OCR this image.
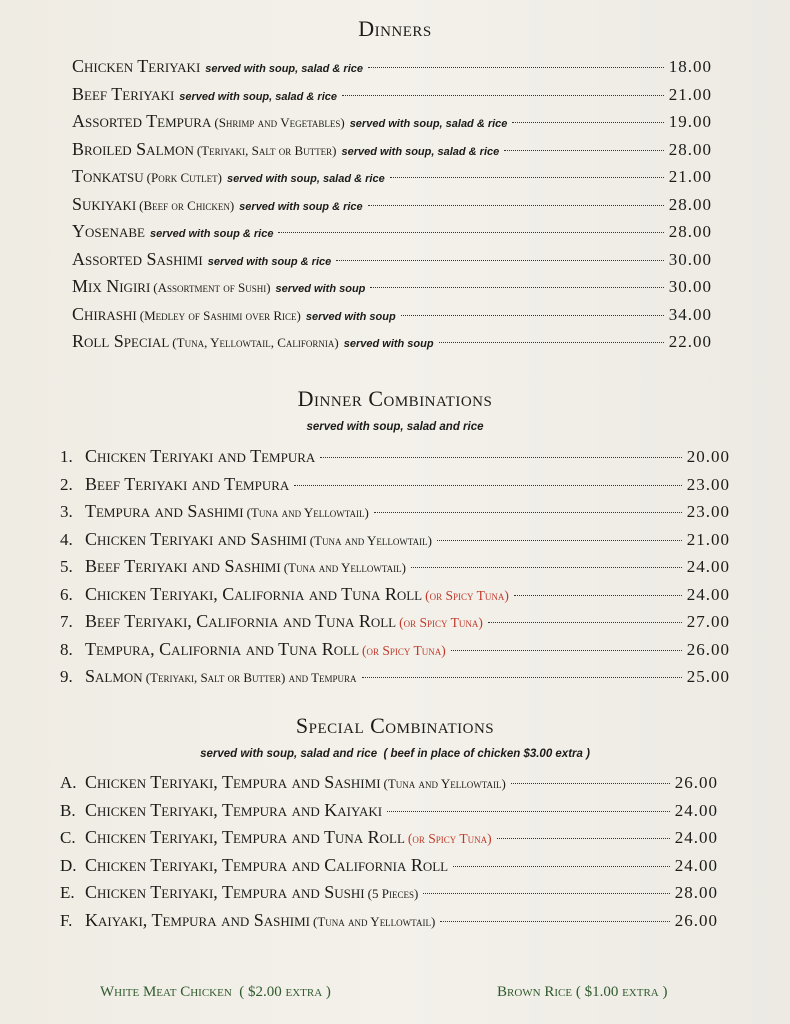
Dinners
Chicken Teriyaki served with soup, salad & rice	18.00
Beef Teriyaki served with soup, salad & rice	21.00
Assorted Tempura (Shrimp and Vegetables) served with soup, salad & rice	19.00
Broiled Salmon (Teriyaki, Salt or Butter) served with soup, salad & rice	28.00
Tonkatsu (Pork Cutlet) served with soup, salad & rice	21.00
Sukiyaki (Beef or Chicken) served with soup & rice	28.00
Yosenabe served with soup & rice	28.00
Assorted Sashimi served with soup & rice	30.00
Mix Nigiri (Assortment of Sushi) served with soup	30.00
Chirashi (Medley of Sashimi over Rice) served with soup	34.00
Roll Special (Tuna, Yellowtail, California) served with soup	22.00
Dinner Combinations
served with soup, salad and rice
1. Chicken Teriyaki and Tempura	20.00
2. Beef Teriyaki and Tempura	23.00
3. Tempura and Sashimi (Tuna and Yellowtail)	23.00
4. Chicken Teriyaki and Sashimi (Tuna and Yellowtail)	21.00
5. Beef Teriyaki and Sashimi (Tuna and Yellowtail)	24.00
6. Chicken Teriyaki, California and Tuna Roll (or Spicy Tuna)	24.00
7. Beef Teriyaki, California and Tuna Roll (or Spicy Tuna)	27.00
8. Tempura, California and Tuna Roll (or Spicy Tuna)	26.00
9. Salmon (Teriyaki, Salt or Butter) and Tempura	25.00
Special Combinations
served with soup, salad and rice  ( beef in place of chicken $3.00 extra )
A. Chicken Teriyaki, Tempura and Sashimi (Tuna and Yellowtail)	26.00
B. Chicken Teriyaki, Tempura and Kaiyaki	24.00
C. Chicken Teriyaki, Tempura and Tuna Roll (or Spicy Tuna)	24.00
D. Chicken Teriyaki, Tempura and California Roll	24.00
E. Chicken Teriyaki, Tempura and Sushi (5 Pieces)	28.00
F. Kaiyaki, Tempura and Sashimi (Tuna and Yellowtail)	26.00
White Meat Chicken  ( $2.00 extra )	Brown Rice ( $1.00 extra )
